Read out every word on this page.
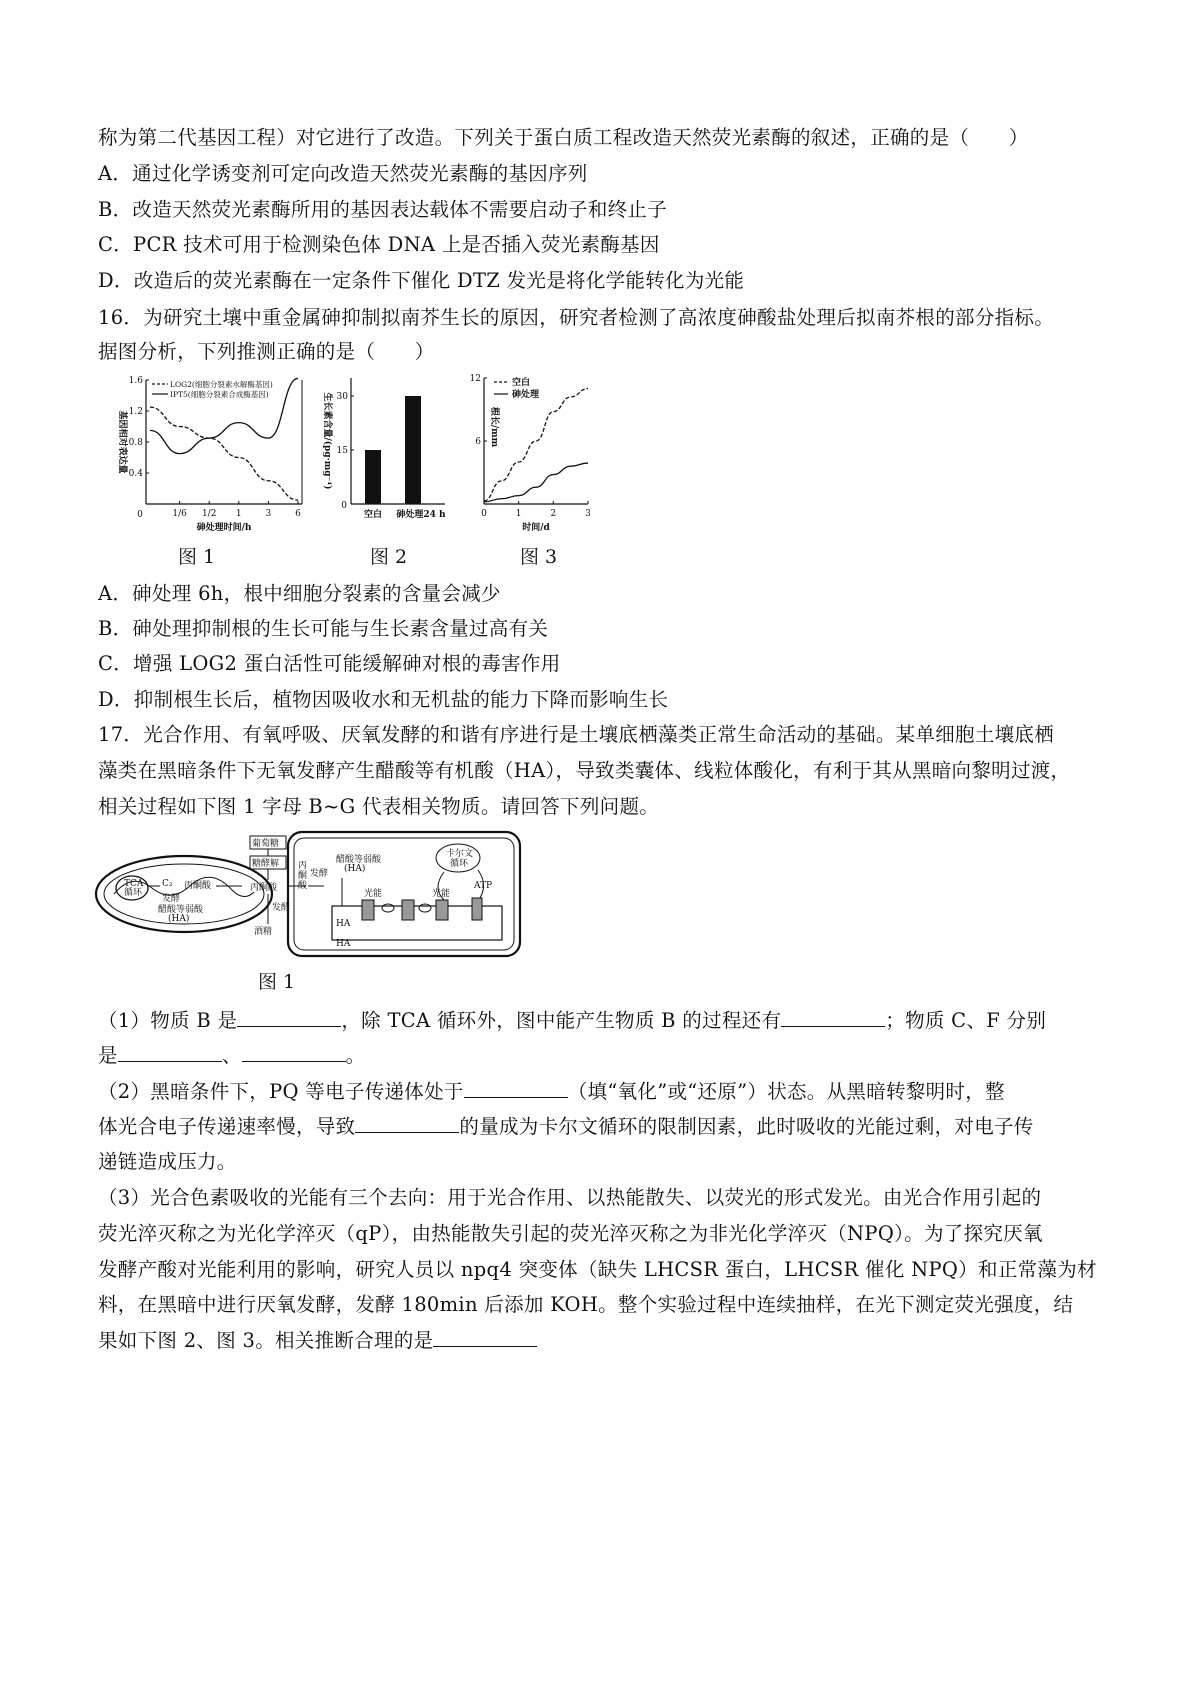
称为第二代基因工程）对它进行了改造。下列关于蛋白质工程改造天然荧光素酶的叙述，正确的是（　　）
A．通过化学诱变剂可定向改造天然荧光素酶的基因序列
B．改造天然荧光素酶所用的基因表达载体不需要启动子和终止子
C．PCR 技术可用于检测染色体 DNA 上是否插入荧光素酶基因
D．改造后的荧光素酶在一定条件下催化 DTZ 发光是将化学能转化为光能
16．为研究土壤中重金属砷抑制拟南芥生长的原因，研究者检测了高浓度砷酸盐处理后拟南芥根的部分指标。
据图分析，下列推测正确的是（　　）
0.4
0.8
1.2
1.6
0	1/6 1/2 1	3	6
砷处理时间/h
基因相对表达量
LOG2(细胞分裂素水解酶基因)
IPT5(细胞分裂素合成酶基因)
15
30
0
空白 砷处理24 h
生长素含量/(pg·mg⁻¹)	6
12
0	1	2	3
时间/d
根长/mm
空白
砷处理
图 1	图 2	图 3
A．砷处理 6h，根中细胞分裂素的含量会减少
B．砷处理抑制根的生长可能与生长素含量过高有关
C．增强 LOG2 蛋白活性可能缓解砷对根的毒害作用
D．抑制根生长后，植物因吸收水和无机盐的能力下降而影响生长
17．光合作用、有氧呼吸、厌氧发酵的和谐有序进行是土壤底栖藻类正常生命活动的基础。某单细胞土壤底栖
藻类在黑暗条件下无氧发酵产生醋酸等有机酸（HA），导致类囊体、线粒体酸化，有利于其从黑暗向黎明过渡，
相关过程如下图 1 字母 B~G 代表相关物质。请回答下列问题。
TCA
循环
C₂ 丙酮酸
发酵
醋酸等弱酸
(HA)
葡萄糖
糖酵解
丙酮酸
发酵
酒精
丙
酮
酸
发酵
醋酸等弱酸
(HA)
光能	光能
卡尔文
循环
ATP
HA
HA
图 1
（1）物质 B 是	，除 TCA 循环外，图中能产生物质 B 的过程还有	；物质 C、F 分别
是	、	。
（2）黑暗条件下，PQ 等电子传递体处于	（填“氧化”或“还原”）状态。从黑暗转黎明时，整
体光合电子传递速率慢，导致	的量成为卡尔文循环的限制因素，此时吸收的光能过剩，对电子传
递链造成压力。
（3）光合色素吸收的光能有三个去向：用于光合作用、以热能散失、以荧光的形式发光。由光合作用引起的
荧光淬灭称之为光化学淬灭（qP），由热能散失引起的荧光淬灭称之为非光化学淬灭（NPQ）。为了探究厌氧
发酵产酸对光能利用的影响，研究人员以 npq4 突变体（缺失 LHCSR 蛋白，LHCSR 催化 NPQ）和正常藻为材
料，在黑暗中进行厌氧发酵，发酵 180min 后添加 KOH。整个实验过程中连续抽样，在光下测定荧光强度，结
果如下图 2、图 3。相关推断合理的是
